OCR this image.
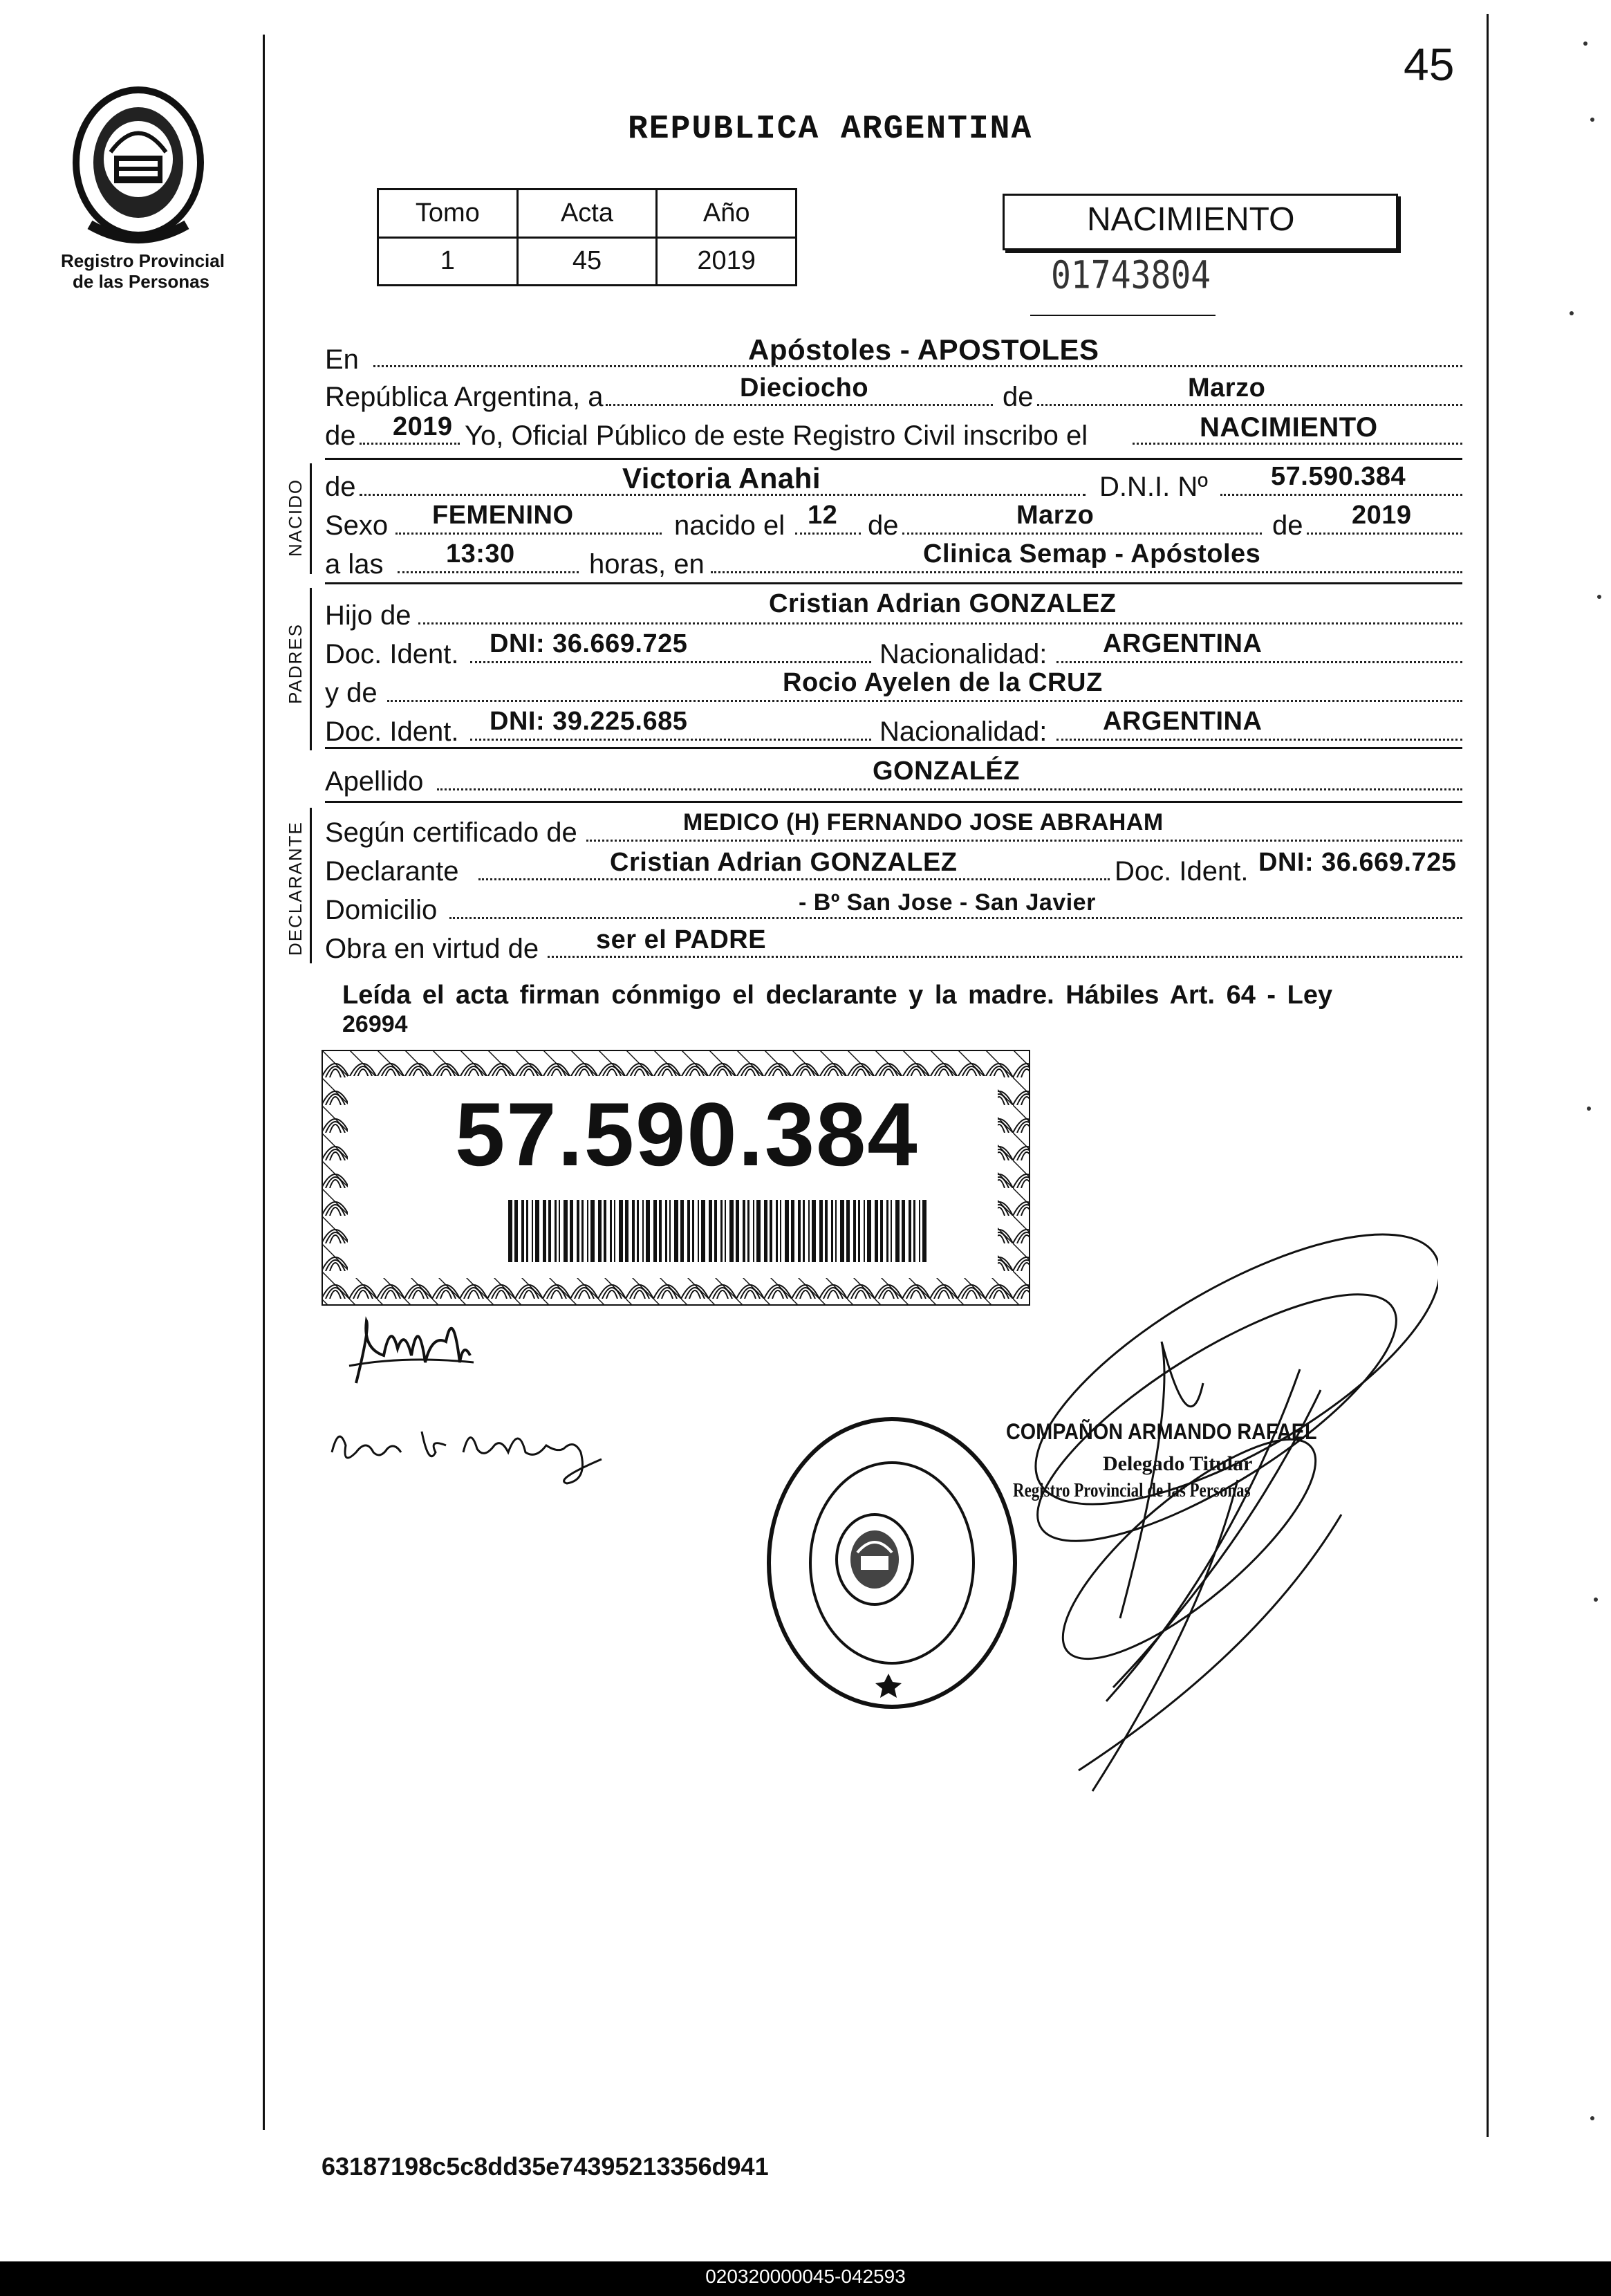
45
Registro Provincial
de las Personas
REPUBLICA ARGENTINA
Tomo	Acta	Año
1	45	2019
NACIMIENTO
01743804
En	Apóstoles - APOSTOLES
República Argentina, a	Dieciocho	de	Marzo
de 2019 Yo, Oficial Público de este Registro Civil inscribo el	NACIMIENTO
NACIDO de	Victoria Anahi	D.N.I. Nº 57.590.384
Sexo FEMENINO	nacido el 12 de	Marzo	de 2019
a las 13:30	horas, en	Clinica Semap - Apóstoles
PADRES
Hijo de	Cristian Adrian GONZALEZ
Doc. Ident. DNI: 36.669.725	Nacionalidad: ARGENTINA
y de	Rocio Ayelen de la CRUZ
Doc. Ident. DNI: 39.225.685	Nacionalidad: ARGENTINA
Apellido	GONZALÉZ
DECLARANTE Según certificado de	MEDICO (H) FERNANDO JOSE ABRAHAM
Declarante	Cristian Adrian GONZALEZ	Doc. Ident. DNI: 36.669.725
Domicilio	- Bº San Jose - San Javier
Obra en virtud de ser el PADRE
Leída el acta firman cónmigo el declarante y la madre. Hábiles Art. 64 - Ley
26994
57.590.384
COMPAÑON ARMANDO RAFAEL
Delegado Titular
Registro Provincial de las Personas
63187198c5c8dd35e74395213356d941
020320000045-042593
